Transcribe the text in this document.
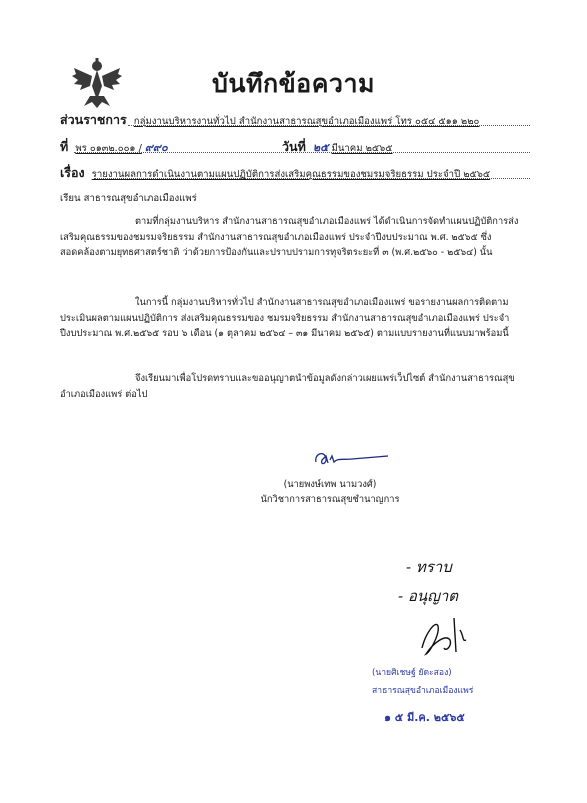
บันทึกข้อความ
ส่วนราชการ กลุ่มงานบริหารงานทั่วไป สำนักงานสาธารณสุขอำเภอเมืองแพร่ โทร ๐๕๔ ๕๑๑ ๒๒๐
ที่ พร ๐๑๓๒.๐๐๑ / ๙๙๐	วันที่ ๒๕ มีนาคม ๒๕๖๕
เรื่อง รายงานผลการดำเนินงานตามแผนปฏิบัติการส่งเสริมคุณธรรมของชมรมจริยธรรม ประจำปี ๒๕๖๕
เรียน สาธารณสุขอำเภอเมืองแพร่
ตามที่กลุ่มงานบริหาร สำนักงานสาธารณสุขอำเภอเมืองแพร่ ได้ดำเนินการจัดทำแผนปฏิบัติการส่งเสริมคุณธรรมของชมรมจริยธรรม สำนักงานสาธารณสุขอำเภอเมืองแพร่ ประจำปีงบประมาณ พ.ศ. ๒๕๖๕ ซึ่งสอดคล้องตามยุทธศาสตร์ชาติ ว่าด้วยการป้องกันและปราบปรามการทุจริตระยะที่ ๓ (พ.ศ.๒๕๖๐ - ๒๕๖๔) นั้น
ในการนี้ กลุ่มงานบริหารทั่วไป สำนักงานสาธารณสุขอำเภอเมืองแพร่ ขอรายงานผลการติดตามประเมินผลตามแผนปฏิบัติการ ส่งเสริมคุณธรรมของ ชมรมจริยธรรม สำนักงานสาธารณสุขอำเภอเมืองแพร่ ประจำปีงบประมาณ พ.ศ.๒๕๖๕ รอบ ๖ เดือน (๑ ตุลาคม ๒๕๖๔ – ๓๑ มีนาคม ๒๕๖๕) ตามแบบรายงานที่แนบมาพร้อมนี้
จึงเรียนมาเพื่อโปรดทราบและขออนุญาตนำข้อมูลดังกล่าวเผยแพร่เว็ปไซต์ สำนักงานสาธารณสุขอำเภอเมืองแพร่ ต่อไป
(นายพงษ์เทพ นามวงศ์)
นักวิชาการสาธารณสุขชำนาญการ
- ทราบ
- อนุญาต
(นายศิเชษฐ์ ยัดะสอง)
สาธารณสุขอำเภอเมืองแพร่
๑ ๕ มี.ค. ๒๕๖๕
